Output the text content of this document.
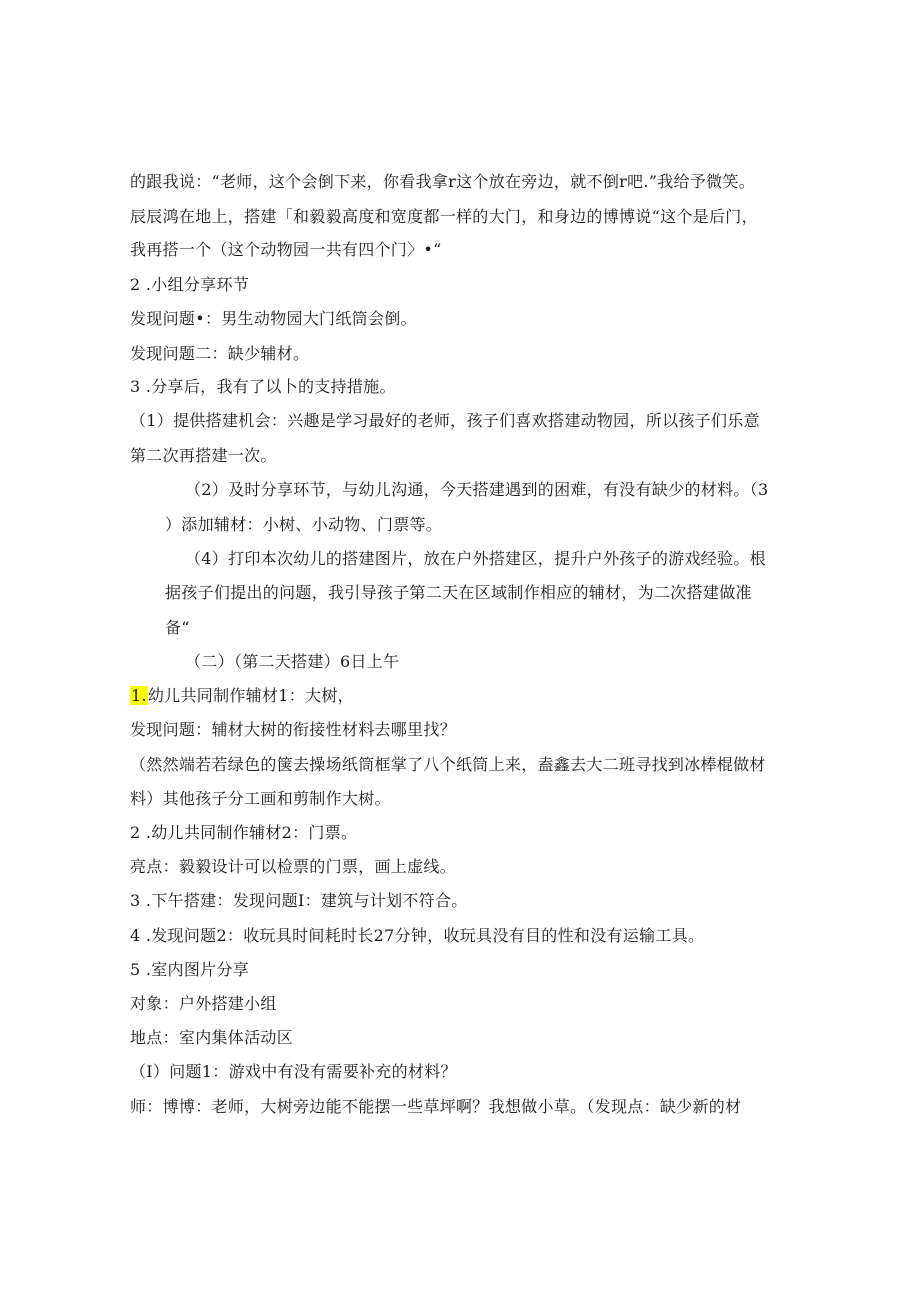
的跟我说：“老师，这个会倒下来，你看我拿r这个放在旁边，就不倒r吧.”我给予微笑。
辰辰鸿在地上，搭建「和毅毅高度和宽度都一样的大门，和身边的博博说“这个是后门，
我再搭一个（这个动物园一共有四个门〉•“
2 .小组分享环节
发现问题•：男生动物园大门纸筒会倒。
发现问题二：缺少辅材。
3 .分享后，我有了以卜的支持措施。
（1）提供搭建机会：兴趣是学习最好的老师，孩子们喜欢搭建动物园，所以孩子们乐意
第二次再搭建一次。
（2）及时分享环节，与幼儿沟通，今天搭建遇到的困难，有没有缺少的材料。（3
）添加辅材：小树、小动物、门票等。
（4）打印本次幼儿的搭建图片，放在户外搭建区，提升户外孩子的游戏经验。根
据孩子们提出的问题，我引导孩子第二天在区域制作相应的辅材，为二次搭建做准
备“
（二）（第二天搭建）6日上午
1.幼儿共同制作辅材1：大树，
发现问题：辅材大树的衔接性材料去哪里找？
（然然端若若绿色的箧去操场纸筒框掌了八个纸筒上来，盍鑫去大二班寻找到冰棒棍做材
料）其他孩子分工画和剪制作大树。
2 .幼儿共同制作辅材2：门票。
亮点：毅毅设计可以检票的门票，画上虚线。
3 .下午搭建：发现问题I：建筑与计划不符合。
4 .发现问题2：收玩具时间耗时长27分钟，收玩具没有目的性和没有运输工具。
5 .室内图片分享
对象：户外搭建小组
地点：室内集体活动区
（I）问题1：游戏中有没有需要补充的材料？
师：博博：老师，大树旁边能不能摆一些草坪啊？我想做小草。（发现点：缺少新的材
